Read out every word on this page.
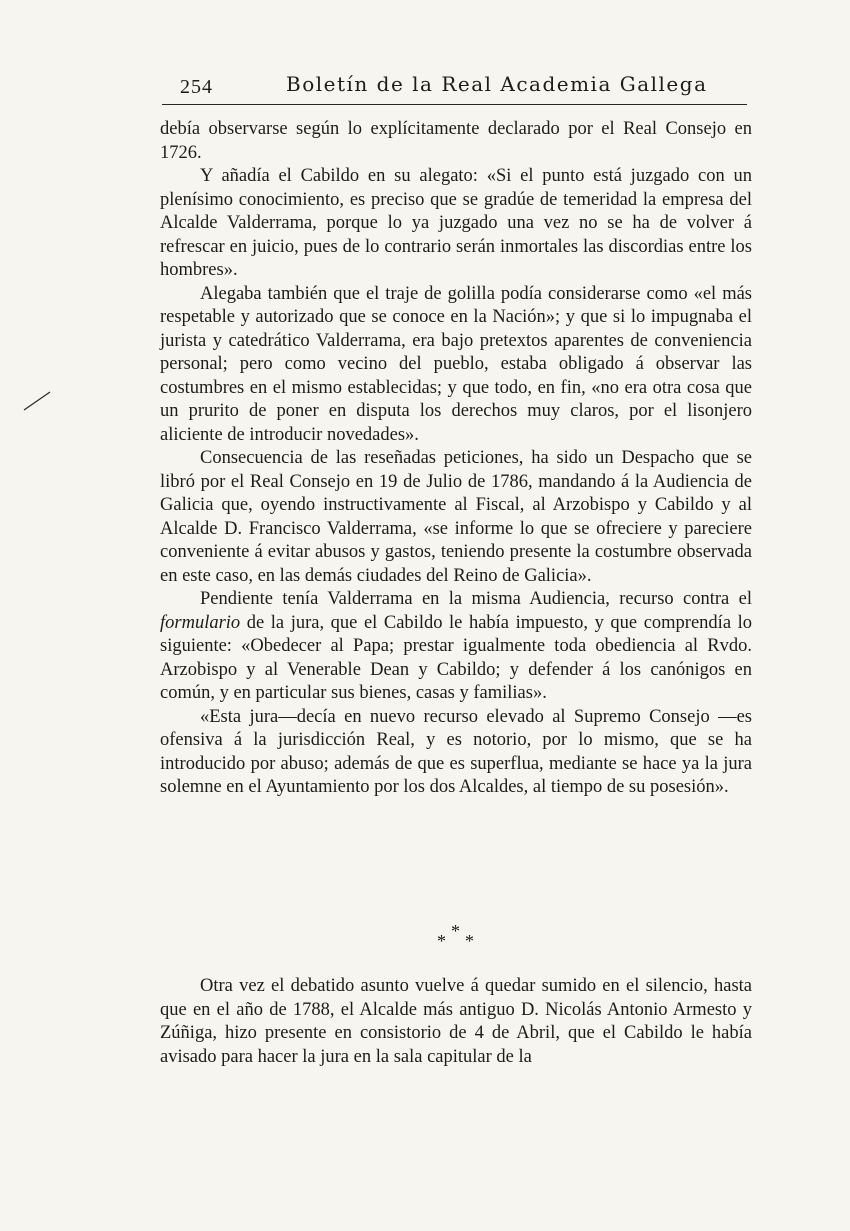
254	Boletín de la Real Academia Gallega

debía observarse según lo explícitamente declarado por el Real Consejo en 1726.

Y añadía el Cabildo en su alegato: «Si el punto está juzgado con un plenísimo conocimiento, es preciso que se gradúe de temeridad la empresa del Alcalde Valderrama, porque lo ya juzgado una vez no se ha de volver á refrescar en juicio, pues de lo contrario serán inmortales las discordias entre los hombres».

Alegaba también que el traje de golilla podía considerarse como «el más respetable y autorizado que se conoce en la Nación»; y que si lo impugnaba el jurista y catedrático Valderrama, era bajo pretextos aparentes de conveniencia personal; pero como vecino del pueblo, estaba obligado á observar las costumbres en el mismo establecidas; y que todo, en fin, «no era otra cosa que un prurito de poner en disputa los derechos muy claros, por el lisonjero aliciente de introducir novedades».

Consecuencia de las reseñadas peticiones, ha sido un Despacho que se libró por el Real Consejo en 19 de Julio de 1786, mandando á la Audiencia de Galicia que, oyendo instructivamente al Fiscal, al Arzobispo y Cabildo y al Alcalde D. Francisco Valderrama, «se informe lo que se ofreciere y pareciere conveniente á evitar abusos y gastos, teniendo presente la costumbre observada en este caso, en las demás ciudades del Reino de Galicia».

Pendiente tenía Valderrama en la misma Audiencia, recurso contra el formulario de la jura, que el Cabildo le había impuesto, y que comprendía lo siguiente: «Obedecer al Papa; prestar igualmente toda obediencia al Rvdo. Arzobispo y al Venerable Dean y Cabildo; y defender á los canónigos en común, y en particular sus bienes, casas y familias».

«Esta jura—decía en nuevo recurso elevado al Supremo Consejo —es ofensiva á la jurisdicción Real, y es notorio, por lo mismo, que se ha introducido por abuso; además de que es superflua, mediante se hace ya la jura solemne en el Ayuntamiento por los dos Alcaldes, al tiempo de su posesión».

* * *

Otra vez el debatido asunto vuelve á quedar sumido en el silencio, hasta que en el año de 1788, el Alcalde más antiguo D. Nicolás Antonio Armesto y Zúñiga, hizo presente en consistorio de 4 de Abril, que el Cabildo le había avisado para hacer la jura en la sala capitular de la
